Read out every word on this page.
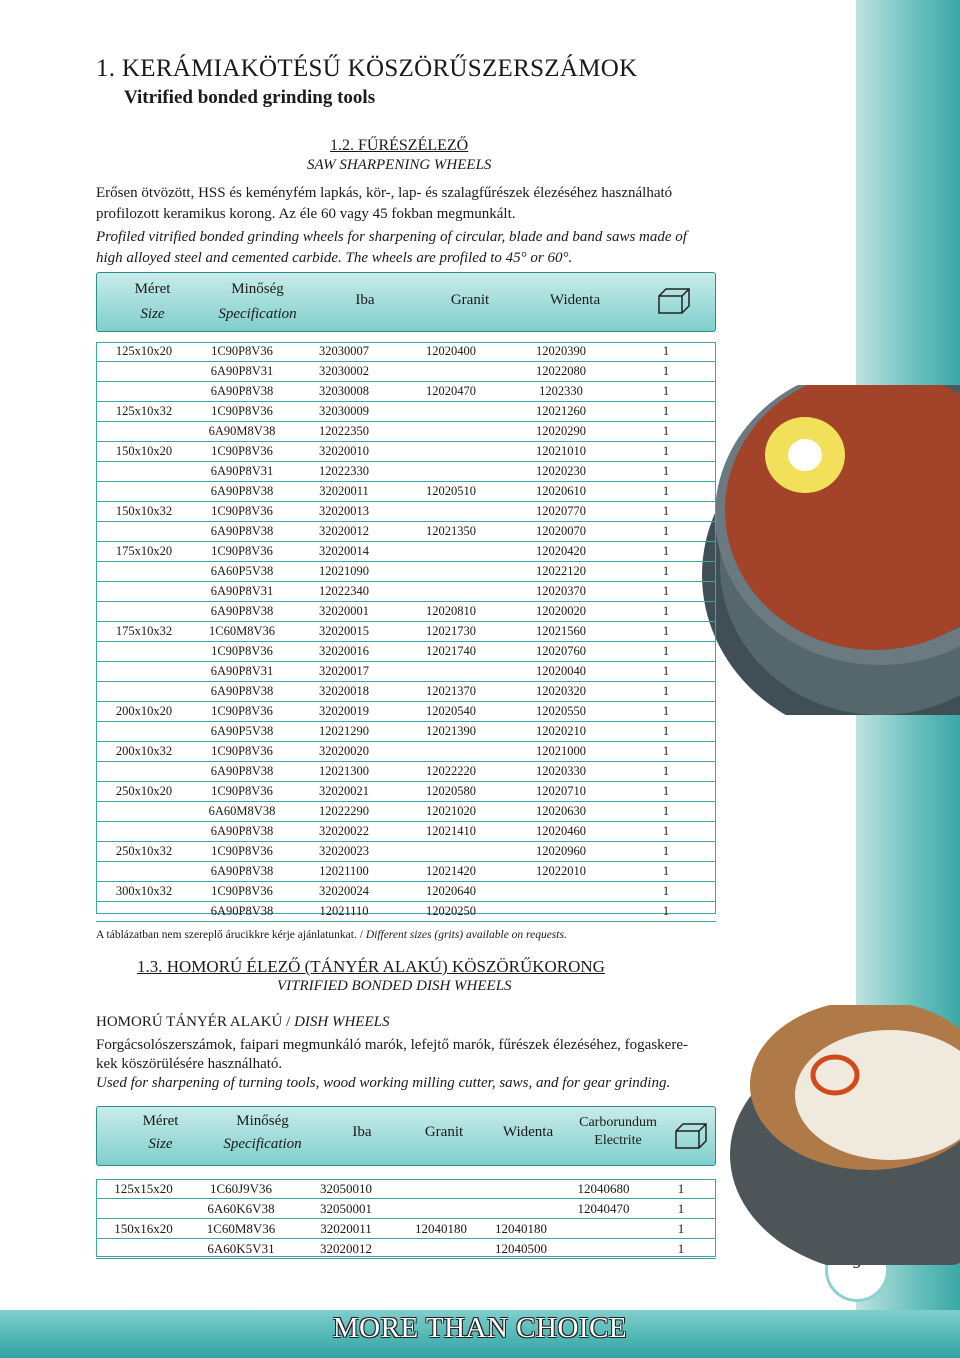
MORE THAN CHOICE
1. KERÁMIAKÖTÉSŰ KÖSZÖRŰSZERSZÁMOK
Vitrified bonded grinding tools
1.2. FŰRÉSZÉLEZŐ
SAW SHARPENING WHEELS
Erősen ötvözött, HSS és keményfém lapkás, kör-, lap- és szalagfűrészek élezéséhez használható
profilozott keramikus korong. Az éle 60 vagy 45 fokban megmunkált.
Profiled vitrified bonded grinding wheels for sharpening of circular, blade and band saws made of
high alloyed steel and cemented carbide. The wheels are profiled to 45° or 60°.
Méret
Size
Minőség
Specification
Iba	Granit	Widenta
125x10x20	1C90P8V36	32030007	12020400	12020390	1
	6A90P8V31	32030002		12022080	1
	6A90P8V38	32030008	12020470	1202330	1
125x10x32	1C90P8V36	32030009		12021260	1
	6A90M8V38	12022350		12020290	1
150x10x20	1C90P8V36	32020010		12021010	1
	6A90P8V31	12022330		12020230	1
	6A90P8V38	32020011	12020510	12020610	1
150x10x32	1C90P8V36	32020013		12020770	1
	6A90P8V38	32020012	12021350	12020070	1
175x10x20	1C90P8V36	32020014		12020420	1
	6A60P5V38	12021090		12022120	1
	6A90P8V31	12022340		12020370	1
	6A90P8V38	32020001	12020810	12020020	1
175x10x32	1C60M8V36	32020015	12021730	12021560	1
	1C90P8V36	32020016	12021740	12020760	1
	6A90P8V31	32020017		12020040	1
	6A90P8V38	32020018	12021370	12020320	1
200x10x20	1C90P8V36	32020019	12020540	12020550	1
	6A90P5V38	12021290	12021390	12020210	1
200x10x32	1C90P8V36	32020020		12021000	1
	6A90P8V38	12021300	12022220	12020330	1
250x10x20	1C90P8V36	32020021	12020580	12020710	1
	6A60M8V38	12022290	12021020	12020630	1
	6A90P8V38	32020022	12021410	12020460	1
250x10x32	1C90P8V36	32020023		12020960	1
	6A90P8V38	12021100	12021420	12022010	1
300x10x32	1C90P8V36	32020024	12020640		1
	6A90P8V38	12021110	12020250		1
A táblázatban nem szereplő árucikkre kérje ajánlatunkat. / Different sizes (grits) available on requests.
1.3. HOMORÚ ÉLEZŐ (TÁNYÉR ALAKÚ) KÖSZÖRŰKORONG
VITRIFIED BONDED DISH WHEELS
HOMORÚ TÁNYÉR ALAKÚ / DISH WHEELS
Forgácsolószerszámok, faipari megmunkáló marók, lefejtő marók, fűrészek élezéséhez, fogaskere-
kek köszörülésére használható.
Used for sharpening of turning tools, wood working milling cutter, saws, and for gear grinding.
Méret
Size
Minőség
Specification
Iba	Granit	Widenta
Carborundum
Electrite
125x15x20	1C60J9V36	32050010			12040680	1
	6A60K6V38	32050001			12040470	1
150x16x20	1C60M8V36	32020011	12040180	12040180		1
	6A60K5V31	32020012		12040500		1
